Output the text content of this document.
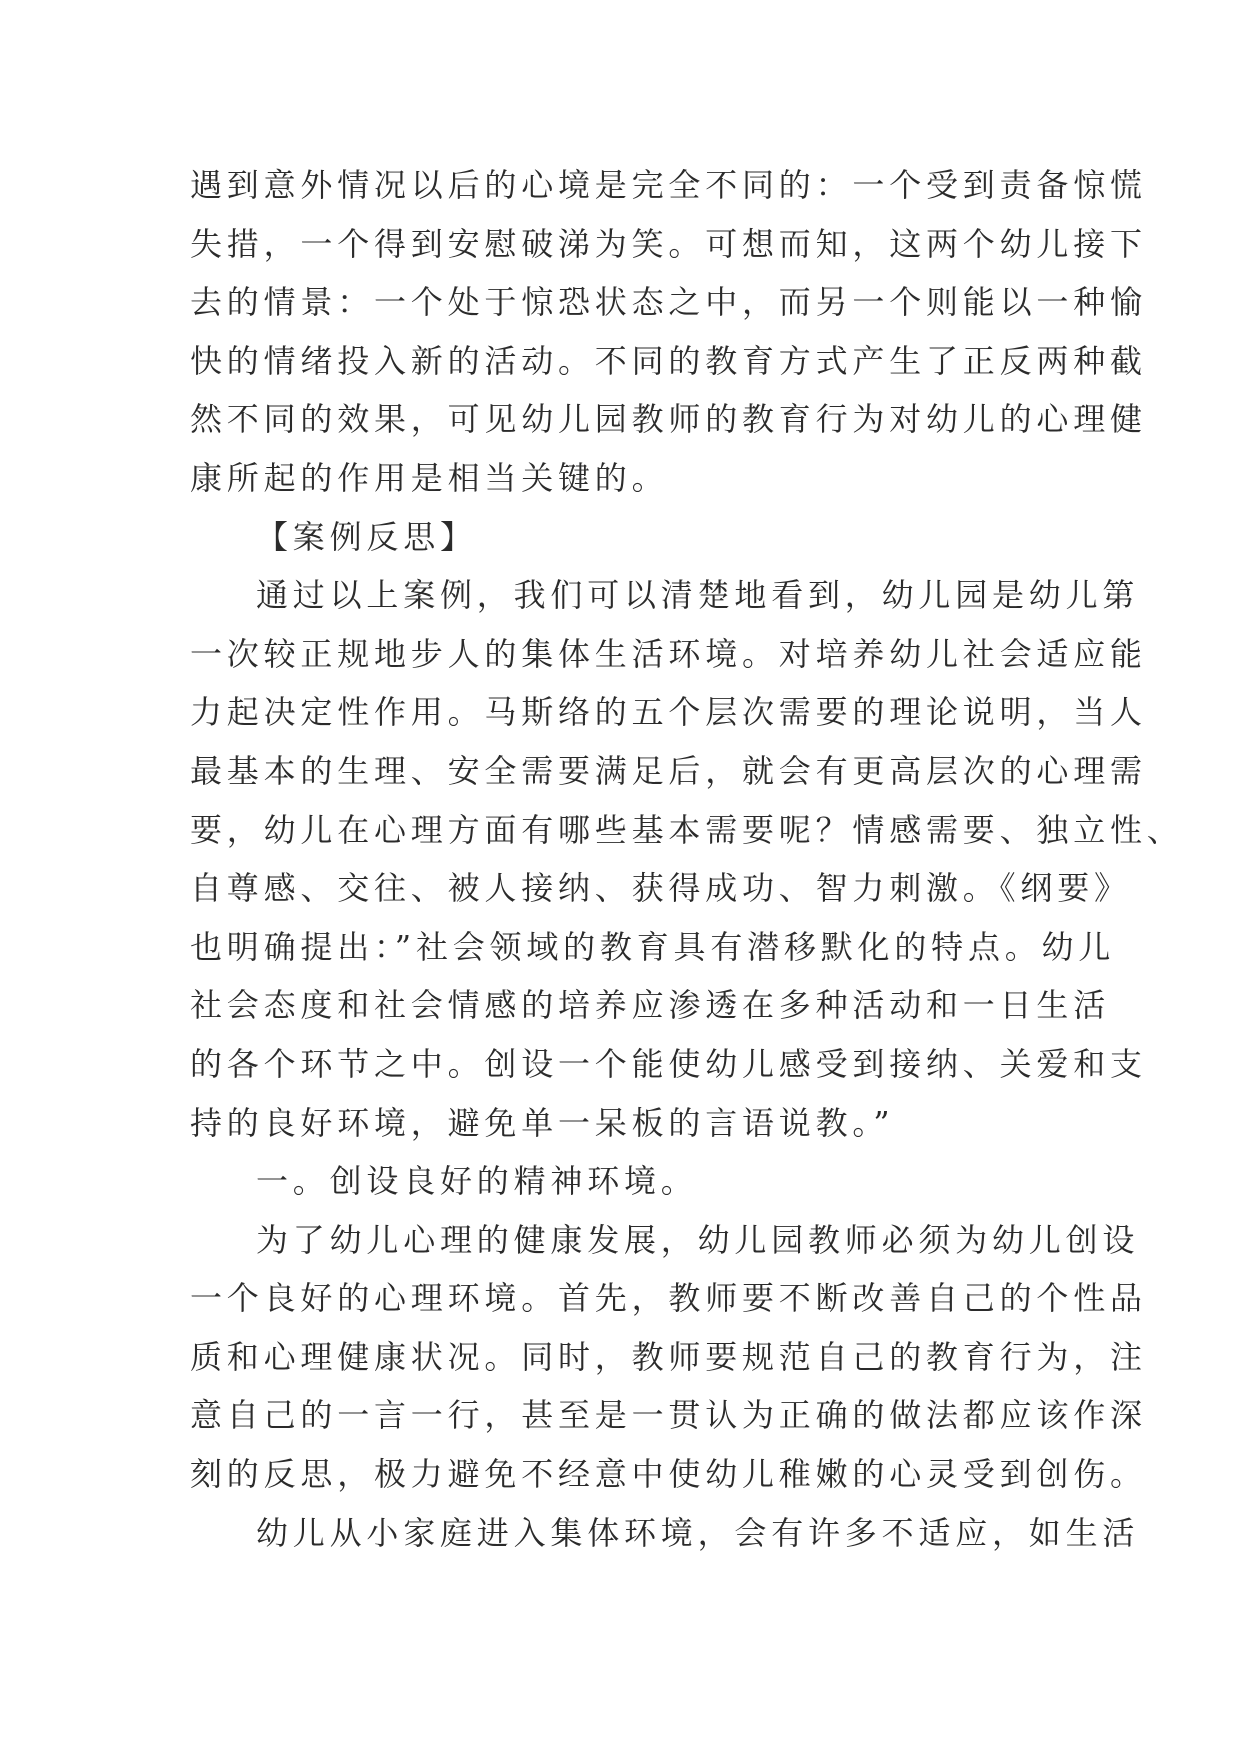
遇到意外情况以后的心境是完全不同的：一个受到责备惊慌
失措，一个得到安慰破涕为笑。可想而知，这两个幼儿接下
去的情景：一个处于惊恐状态之中，而另一个则能以一种愉
快的情绪投入新的活动。不同的教育方式产生了正反两种截
然不同的效果，可见幼儿园教师的教育行为对幼儿的心理健
康所起的作用是相当关键的。
【案例反思】
通过以上案例，我们可以清楚地看到，幼儿园是幼儿第
一次较正规地步人的集体生活环境。对培养幼儿社会适应能
力起决定性作用。马斯络的五个层次需要的理论说明，当人
最基本的生理、安全需要满足后，就会有更高层次的心理需
要，幼儿在心理方面有哪些基本需要呢？情感需要、独立性、
自尊感、交往、被人接纳、获得成功、智力刺激。《纲要》
也明确提出：”社会领域的教育具有潜移默化的特点。幼儿
社会态度和社会情感的培养应渗透在多种活动和一日生活
的各个环节之中。创设一个能使幼儿感受到接纳、关爱和支
持的良好环境，避免单一呆板的言语说教。”
一。创设良好的精神环境。
为了幼儿心理的健康发展，幼儿园教师必须为幼儿创设
一个良好的心理环境。首先，教师要不断改善自己的个性品
质和心理健康状况。同时，教师要规范自己的教育行为，注
意自己的一言一行，甚至是一贯认为正确的做法都应该作深
刻的反思，极力避免不经意中使幼儿稚嫩的心灵受到创伤。
幼儿从小家庭进入集体环境，会有许多不适应，如生活
